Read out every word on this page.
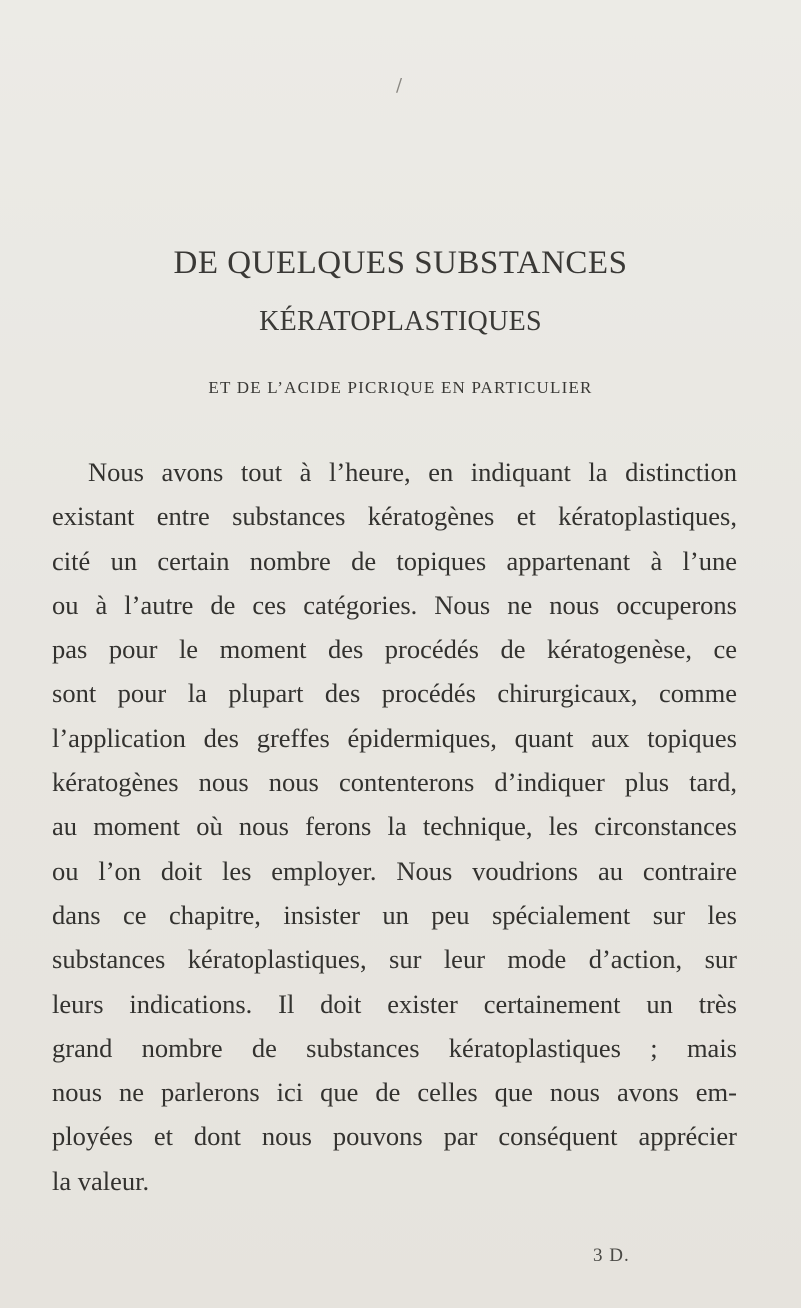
/
DE QUELQUES SUBSTANCES
KÉRATOPLASTIQUES
ET DE L’ACIDE PICRIQUE EN PARTICULIER
Nous avons tout à l’heure, en indiquant la distinction
existant entre substances kératogènes et kératoplastiques,
cité un certain nombre de topiques appartenant à l’une
ou à l’autre de ces catégories. Nous ne nous occuperons
pas pour le moment des procédés de kératogenèse, ce
sont pour la plupart des procédés chirurgicaux, comme
l’application des greffes épidermiques, quant aux topiques
kératogènes nous nous contenterons d’indiquer plus tard,
au moment où nous ferons la technique, les circonstances
ou l’on doit les employer. Nous voudrions au contraire
dans ce chapitre, insister un peu spécialement sur les
substances kératoplastiques, sur leur mode d’action, sur
leurs indications. Il doit exister certainement un très
grand nombre de substances kératoplastiques ; mais
nous ne parlerons ici que de celles que nous avons em-
ployées et dont nous pouvons par conséquent apprécier
la valeur.
3 D.
